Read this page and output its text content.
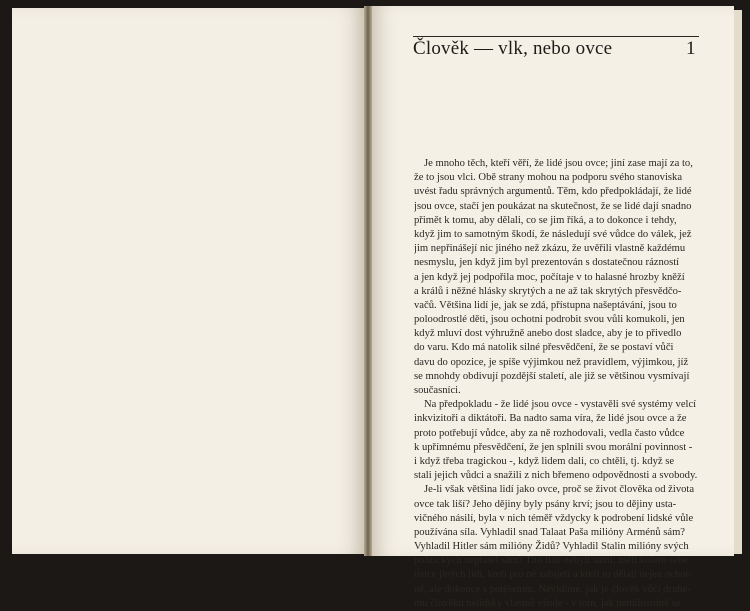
Člověk — vlk, nebo ovce	1
Je mnoho těch, kteří věří, že lidé jsou ovce; jiní zase mají za to,
že to jsou vlci. Obě strany mohou na podporu svého stanoviska
uvést řadu správných argumentů. Těm, kdo předpokládají, že lidé
jsou ovce, stačí jen poukázat na skutečnost, že se lidé dají snadno
přimět k tomu, aby dělali, co se jim říká, a to dokonce i tehdy,
když jim to samotným škodí, že následují své vůdce do válek, jež
jim nepřinášejí nic jiného než zkázu, že uvěřili vlastně každému
nesmyslu, jen když jim byl prezentován s dostatečnou rázností
a jen když jej podpořila moc, počítaje v to halasné hrozby kněží
a králů i něžné hlásky skrytých a ne až tak skrytých přesvědčo-
vačů. Většina lidí je, jak se zdá, přístupna našeptávání, jsou to
poloodrostlé děti, jsou ochotni podrobit svou vůli komukoli, jen
když mluví dost výhružně anebo dost sladce, aby je to přivedlo
do varu. Kdo má natolik silné přesvědčení, že se postaví vůči
davu do opozice, je spíše výjimkou než pravidlem, výjimkou, jíž
se mnohdy obdivují pozdější staletí, ale již se většinou vysmívají
současníci.
Na předpokladu - že lidé jsou ovce - vystavěli své systémy velcí
inkvizitoři a diktátoři. Ba nadto sama víra, že lidé jsou ovce a že
proto potřebují vůdce, aby za ně rozhodovali, vedla často vůdce
k upřímnému přesvědčení, že jen splnili svou morální povinnost -
i když třeba tragickou -, když lidem dali, co chtěli, tj. když se
stali jejich vůdci a snažili z nich břemeno odpovědnosti a svobody.
Je-li však většina lidí jako ovce, proč se život člověka od života
ovce tak liší? Jeho dějiny byly psány krví; jsou to dějiny usta-
vičného násilí, byla v nich téměř vždycky k podrobení lidské vůle
používána síla. Vyhladil snad Talaat Paša milióny Arménů sám?
Vyhladil Hitler sám milióny Židů? Vyhladil Stalin milióny svých
politických nepřátel sám? Tito lidé nebyli sami; měli kolem sebe
tisíce jiných lidí, kteří pro ně zabíjeli a kteří to dělali nejen ochot-
ně, ale dokonce s potěšením. Nevidíme, jak je člověk vůči druhé-
mu člověku nelidský vlastně všude - v tom, jak nemilosrdně se
